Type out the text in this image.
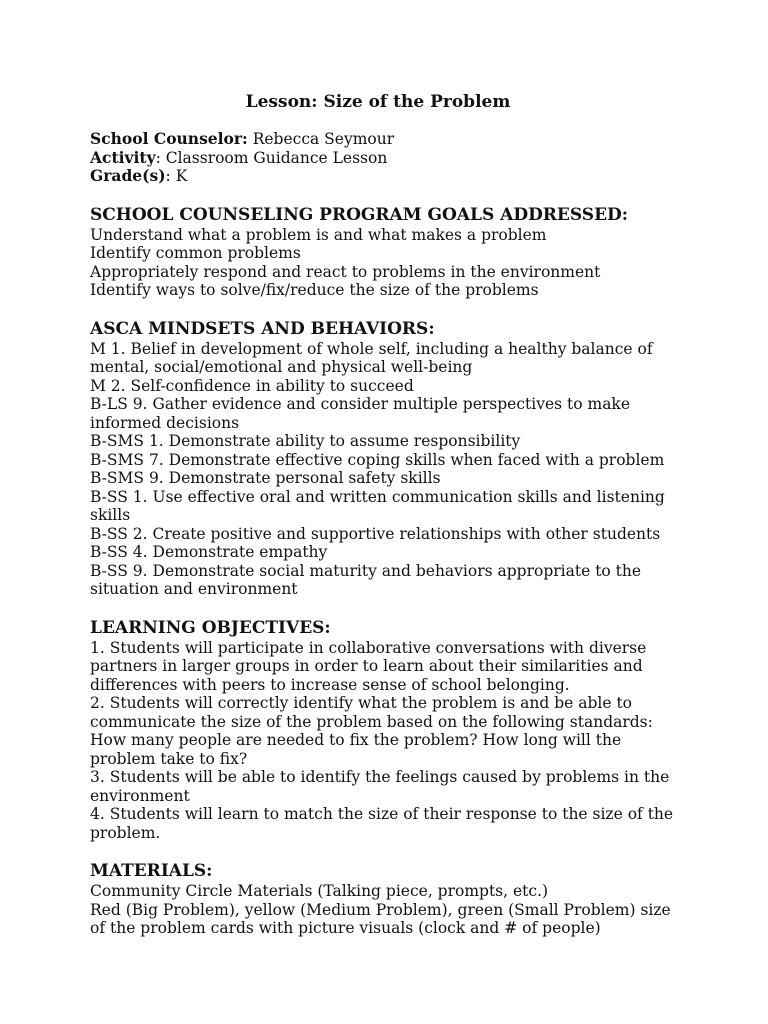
Lesson: Size of the Problem

School Counselor: Rebecca Seymour

Activity: Classroom Guidance Lesson

Grade(s): K

SCHOOL COUNSELING PROGRAM GOALS ADDRESSED:

Understand what a problem is and what makes a problem

Identify common problems

Appropriately respond and react to problems in the environment

Identify ways to solve/fix/reduce the size of the problems

ASCA MINDSETS AND BEHAVIORS:

M 1. Belief in development of whole self, including a healthy balance of mental, social/emotional and physical well-being

M 2. Self-confidence in ability to succeed

B-LS 9. Gather evidence and consider multiple perspectives to make informed decisions

B-SMS 1. Demonstrate ability to assume responsibility

B-SMS 7. Demonstrate effective coping skills when faced with a problem

B-SMS 9. Demonstrate personal safety skills

B-SS 1. Use effective oral and written communication skills and listening skills

B-SS 2. Create positive and supportive relationships with other students

B-SS 4. Demonstrate empathy

B-SS 9. Demonstrate social maturity and behaviors appropriate to the situation and environment

LEARNING OBJECTIVES:

1. Students will participate in collaborative conversations with diverse partners in larger groups in order to learn about their similarities and differences with peers to increase sense of school belonging.

2. Students will correctly identify what the problem is and be able to communicate the size of the problem based on the following standards: How many people are needed to fix the problem? How long will the problem take to fix?

3. Students will be able to identify the feelings caused by problems in the environment

4. Students will learn to match the size of their response to the size of the problem.

MATERIALS:

Community Circle Materials (Talking piece, prompts, etc.)

Red (Big Problem), yellow (Medium Problem), green (Small Problem) size of the problem cards with picture visuals (clock and # of people)
